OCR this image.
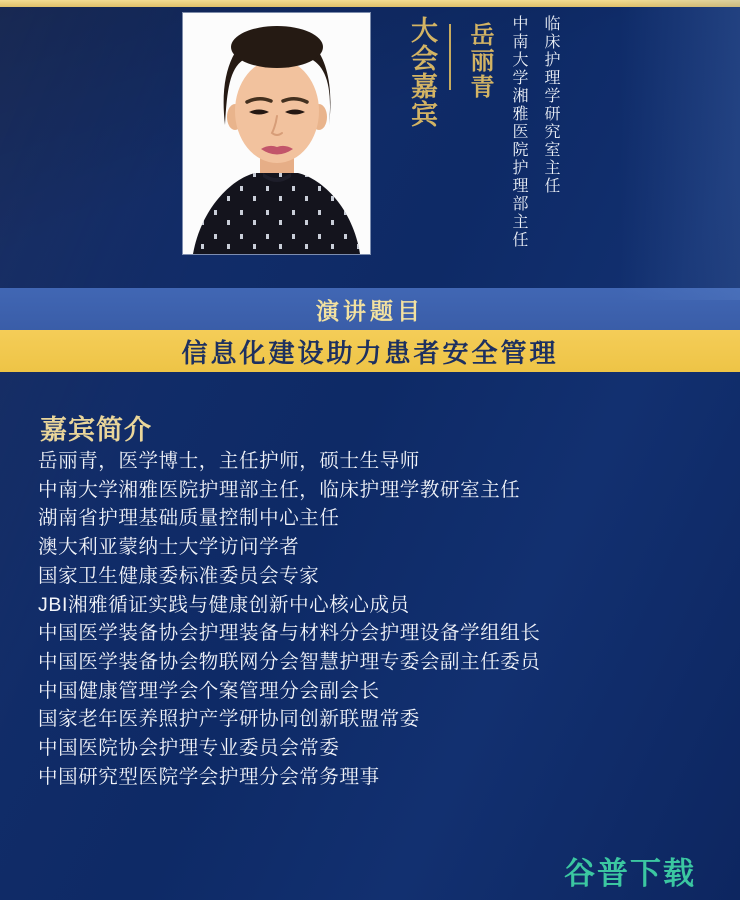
大会嘉宾 岳丽青 中南大学湘雅医院护理部主任 临床护理学研究室主任
演讲题目
信息化建设助力患者安全管理
嘉宾简介
岳丽青，医学博士，主任护师，硕士生导师
中南大学湘雅医院护理部主任，临床护理学教研室主任
湖南省护理基础质量控制中心主任
澳大利亚蒙纳士大学访问学者
国家卫生健康委标准委员会专家
JBI湘雅循证实践与健康创新中心核心成员
中国医学装备协会护理装备与材料分会护理设备学组组长
中国医学装备协会物联网分会智慧护理专委会副主任委员
中国健康管理学会个案管理分会副会长
国家老年医养照护产学研协同创新联盟常委
中国医院协会护理专业委员会常委
中国研究型医院学会护理分会常务理事
谷普下载
